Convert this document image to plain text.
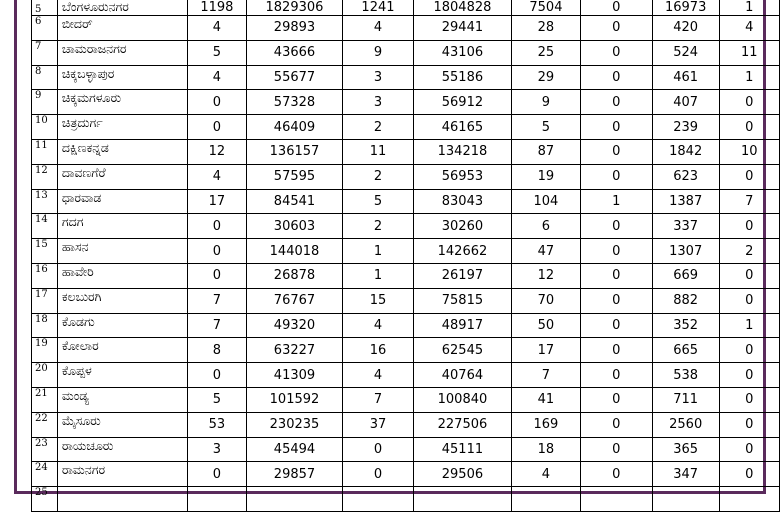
5	ಬೆಂಗಳೂರುನಗರ	1198	1829306	1241	1804828	7504	0	16973	1
6	ಬೀದರ್	4	29893	4	29441	28	0	420	4
7	ಚಾಮರಾಜನಗರ	5	43666	9	43106	25	0	524	11
8	ಚಿಕ್ಕಬಳ್ಳಾಪುರ	4	55677	3	55186	29	0	461	1
9	ಚಿಕ್ಕಮಗಳೂರು	0	57328	3	56912	9	0	407	0
10	ಚಿತ್ರದುರ್ಗ	0	46409	2	46165	5	0	239	0
11	ದಕ್ಷಿಣಕನ್ನಡ	12	136157	11	134218	87	0	1842	10
12	ದಾವಣಗೆರೆ	4	57595	2	56953	19	0	623	0
13	ಧಾರವಾಡ	17	84541	5	83043	104	1	1387	7
14	ಗದಗ	0	30603	2	30260	6	0	337	0
15	ಹಾಸನ	0	144018	1	142662	47	0	1307	2
16	ಹಾವೇರಿ	0	26878	1	26197	12	0	669	0
17	ಕಲಬುರಗಿ	7	76767	15	75815	70	0	882	0
18	ಕೊಡಗು	7	49320	4	48917	50	0	352	1
19	ಕೋಲಾರ	8	63227	16	62545	17	0	665	0
20	ಕೊಪ್ಪಳ	0	41309	4	40764	7	0	538	0
21	ಮಂಡ್ಯ	5	101592	7	100840	41	0	711	0
22	ಮೈಸೂರು	53	230235	37	227506	169	0	2560	0
23	ರಾಯಚೂರು	3	45494	0	45111	18	0	365	0
24	ರಾಮನಗರ	0	29857	0	29506	4	0	347	0
25									
